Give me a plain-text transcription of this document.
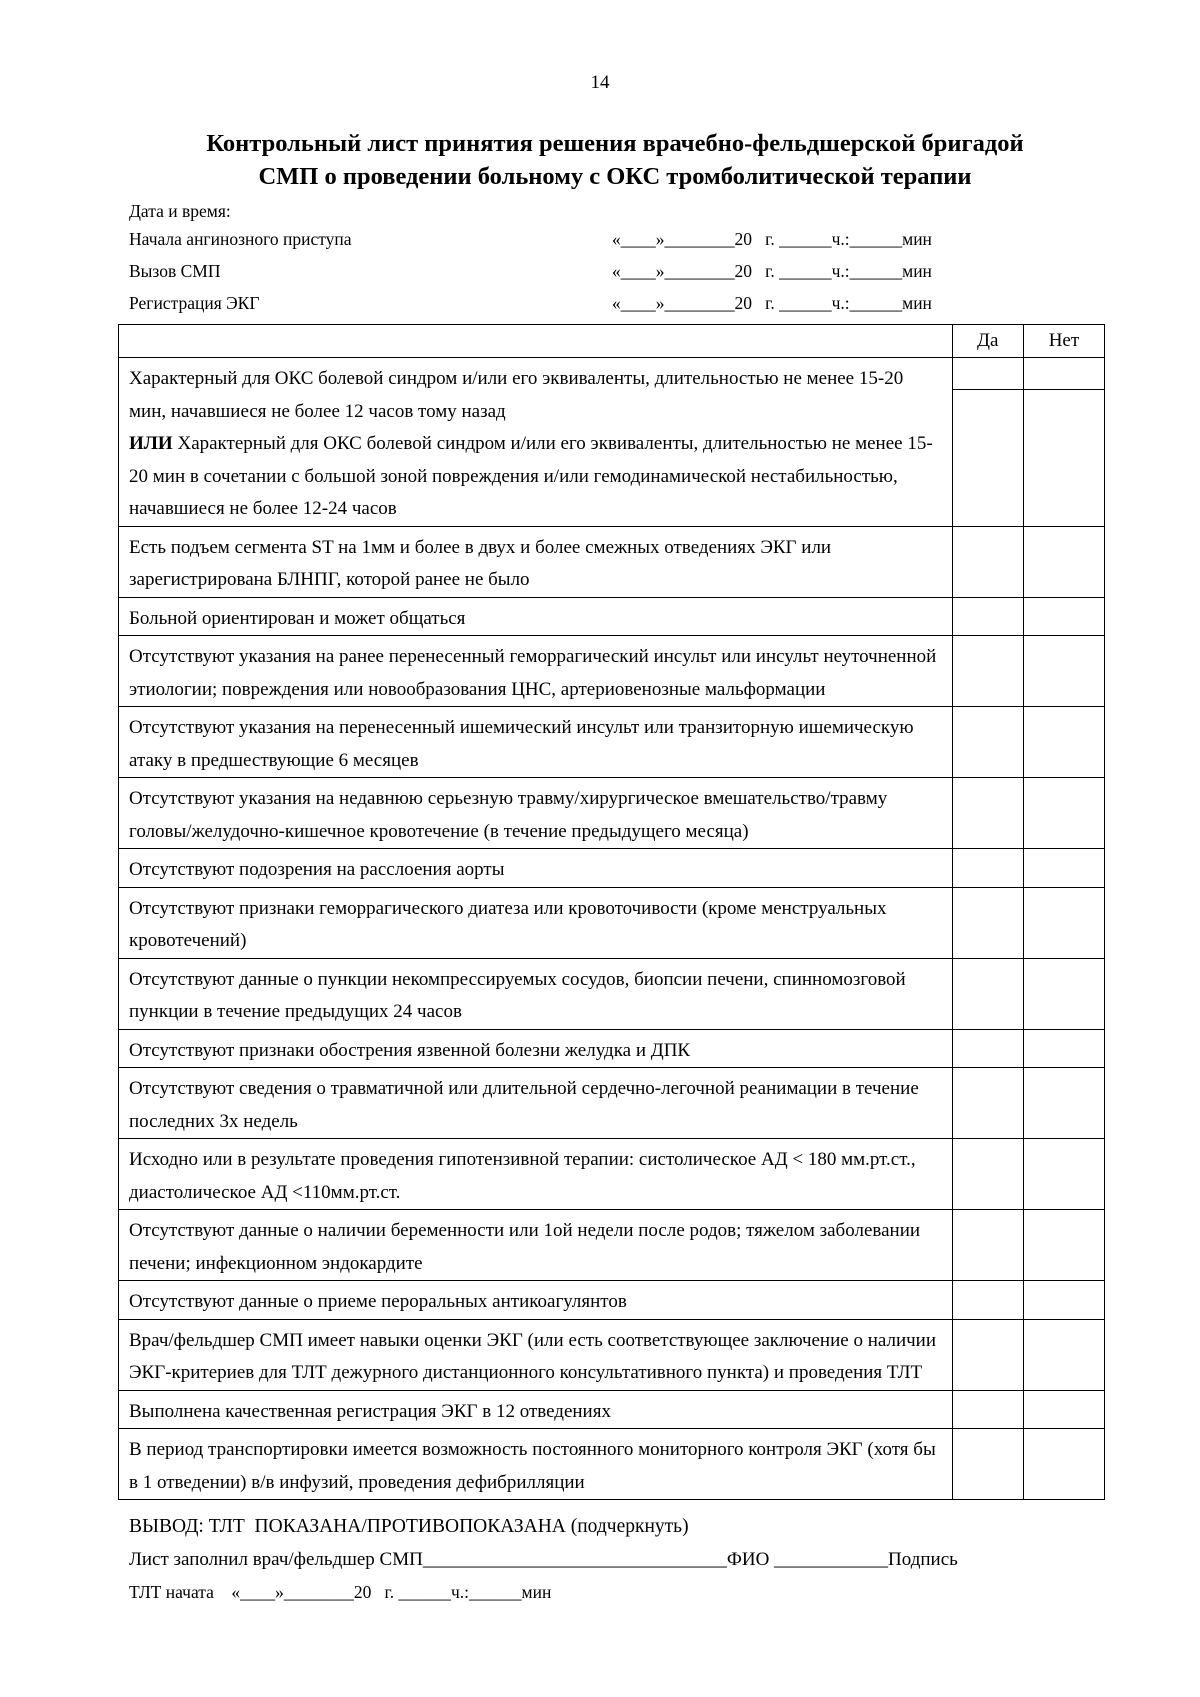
14
Контрольный лист принятия решения врачебно-фельдшерской бригадой
СМП о проведении больному с ОКС тромболитической терапии
Дата и время:
Начала ангинозного приступа	«____»________20   г. ______ч.:______мин
Вызов СМП	«____»________20   г. ______ч.:______мин
Регистрация ЭКГ	«____»________20   г. ______ч.:______мин
	Да	Нет
Характерный для ОКС болевой синдром и/или его эквиваленты, длительностью не менее 15-20 мин, начавшиеся не более 12 часов тому назад
ИЛИ Характерный для ОКС болевой синдром и/или его эквиваленты, длительностью не менее 15-20 мин в сочетании с большой зоной повреждения и/или гемодинамической нестабильностью, начавшиеся не более 12-24 часов	

Есть подъем сегмента ST на 1мм и более в двух и более смежных отведениях ЭКГ или зарегистрирована БЛНПГ, которой ранее не было		
Больной ориентирован и может общаться		
Отсутствуют указания на ранее перенесенный геморрагический инсульт или инсульт неуточненной этиологии; повреждения или новообразования ЦНС, артериовенозные мальформации		
Отсутствуют указания на перенесенный ишемический инсульт или транзиторную ишемическую атаку в предшествующие 6 месяцев		
Отсутствуют указания на недавнюю серьезную травму/хирургическое вмешательство/травму головы/желудочно-кишечное кровотечение (в течение предыдущего месяца)		
Отсутствуют подозрения на расслоения аорты		
Отсутствуют признаки геморрагического диатеза или кровоточивости (кроме менструальных кровотечений)		
Отсутствуют данные о пункции некомпрессируемых сосудов, биопсии печени, спинномозговой пункции в течение предыдущих 24 часов		
Отсутствуют признаки обострения язвенной болезни желудка и ДПК		
Отсутствуют сведения о травматичной или длительной сердечно-легочной реанимации в течение последних 3х недель		
Исходно или в результате проведения гипотензивной терапии: систолическое АД < 180 мм.рт.ст., диастолическое АД <110мм.рт.ст.		
Отсутствуют данные о наличии беременности или 1ой недели после родов; тяжелом заболевании печени; инфекционном эндокардите		
Отсутствуют данные о приеме пероральных антикоагулянтов		
Врач/фельдшер СМП имеет навыки оценки ЭКГ (или есть соответствующее заключение о наличии ЭКГ-критериев для ТЛТ дежурного дистанционного консультативного пункта) и проведения ТЛТ		
Выполнена качественная регистрация ЭКГ в 12 отведениях		
В период транспортировки имеется возможность постоянного мониторного контроля ЭКГ (хотя бы в 1 отведении) в/в инфузий, проведения дефибрилляции		
ВЫВОД: ТЛТ  ПОКАЗАНА/ПРОТИВОПОКАЗАНА (подчеркнуть)
Лист заполнил врач/фельдшер СМП________________________________ФИО ____________Подпись
ТЛТ начата    «____»________20   г. ______ч.:______мин
